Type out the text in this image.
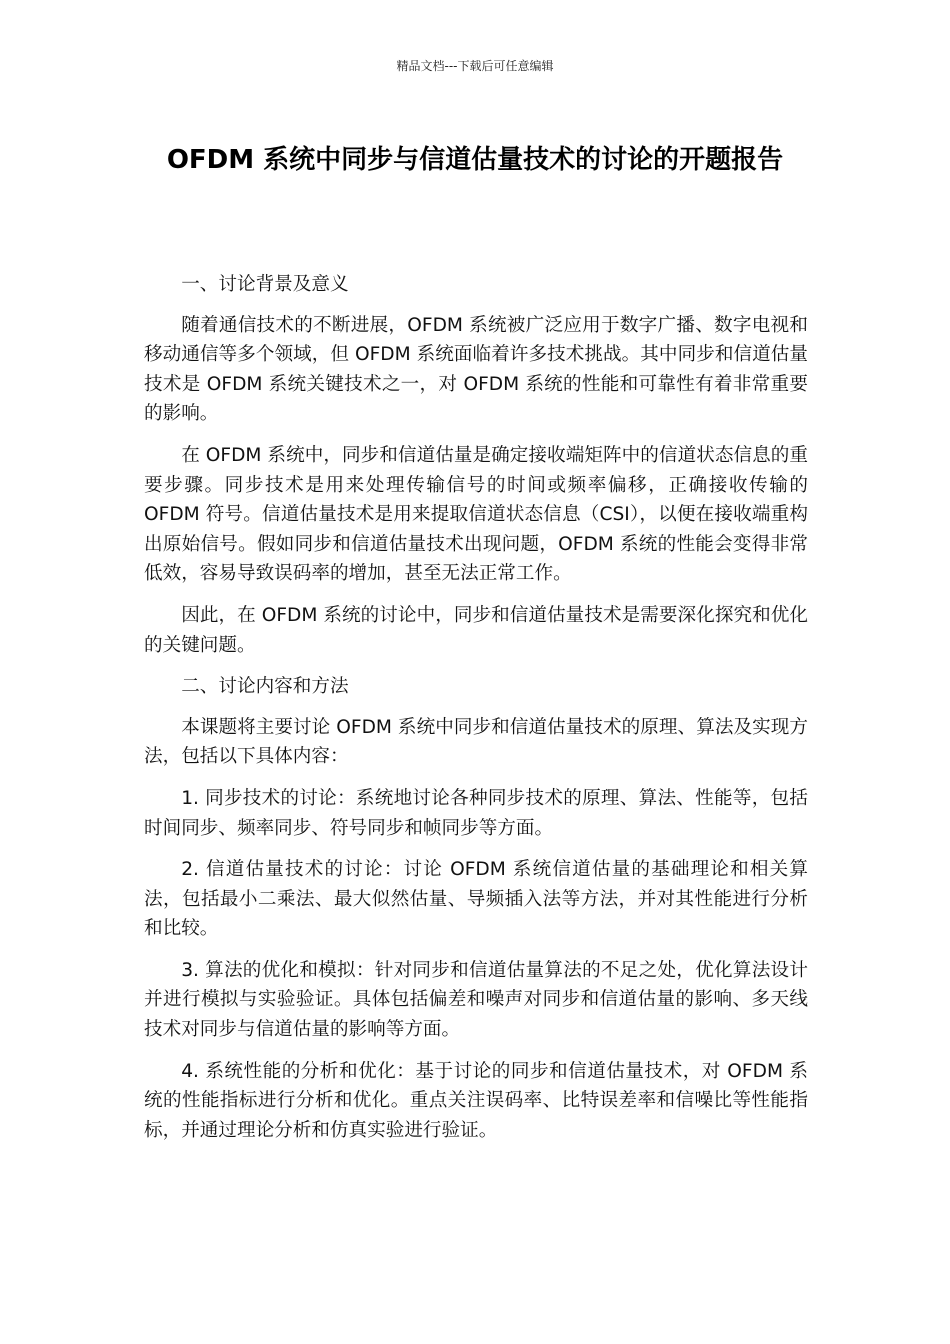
精品文档---下载后可任意编辑
OFDM 系统中同步与信道估量技术的讨论的开题报告

一、讨论背景及意义

随着通信技术的不断进展，OFDM 系统被广泛应用于数字广播、数字电视和移动通信等多个领域，但 OFDM 系统面临着许多技术挑战。其中同步和信道估量技术是 OFDM 系统关键技术之一，对 OFDM 系统的性能和可靠性有着非常重要的影响。

在 OFDM 系统中，同步和信道估量是确定接收端矩阵中的信道状态信息的重要步骤。同步技术是用来处理传输信号的时间或频率偏移，正确接收传输的 OFDM 符号。信道估量技术是用来提取信道状态信息（CSI），以便在接收端重构出原始信号。假如同步和信道估量技术出现问题，OFDM 系统的性能会变得非常低效，容易导致误码率的增加，甚至无法正常工作。

因此，在 OFDM 系统的讨论中，同步和信道估量技术是需要深化探究和优化的关键问题。

二、讨论内容和方法

本课题将主要讨论 OFDM 系统中同步和信道估量技术的原理、算法及实现方法，包括以下具体内容：

1. 同步技术的讨论：系统地讨论各种同步技术的原理、算法、性能等，包括时间同步、频率同步、符号同步和帧同步等方面。

2. 信道估量技术的讨论：讨论 OFDM 系统信道估量的基础理论和相关算法，包括最小二乘法、最大似然估量、导频插入法等方法，并对其性能进行分析和比较。

3. 算法的优化和模拟：针对同步和信道估量算法的不足之处，优化算法设计并进行模拟与实验验证。具体包括偏差和噪声对同步和信道估量的影响、多天线技术对同步与信道估量的影响等方面。

4. 系统性能的分析和优化：基于讨论的同步和信道估量技术，对 OFDM 系统的性能指标进行分析和优化。重点关注误码率、比特误差率和信噪比等性能指标，并通过理论分析和仿真实验进行验证。
